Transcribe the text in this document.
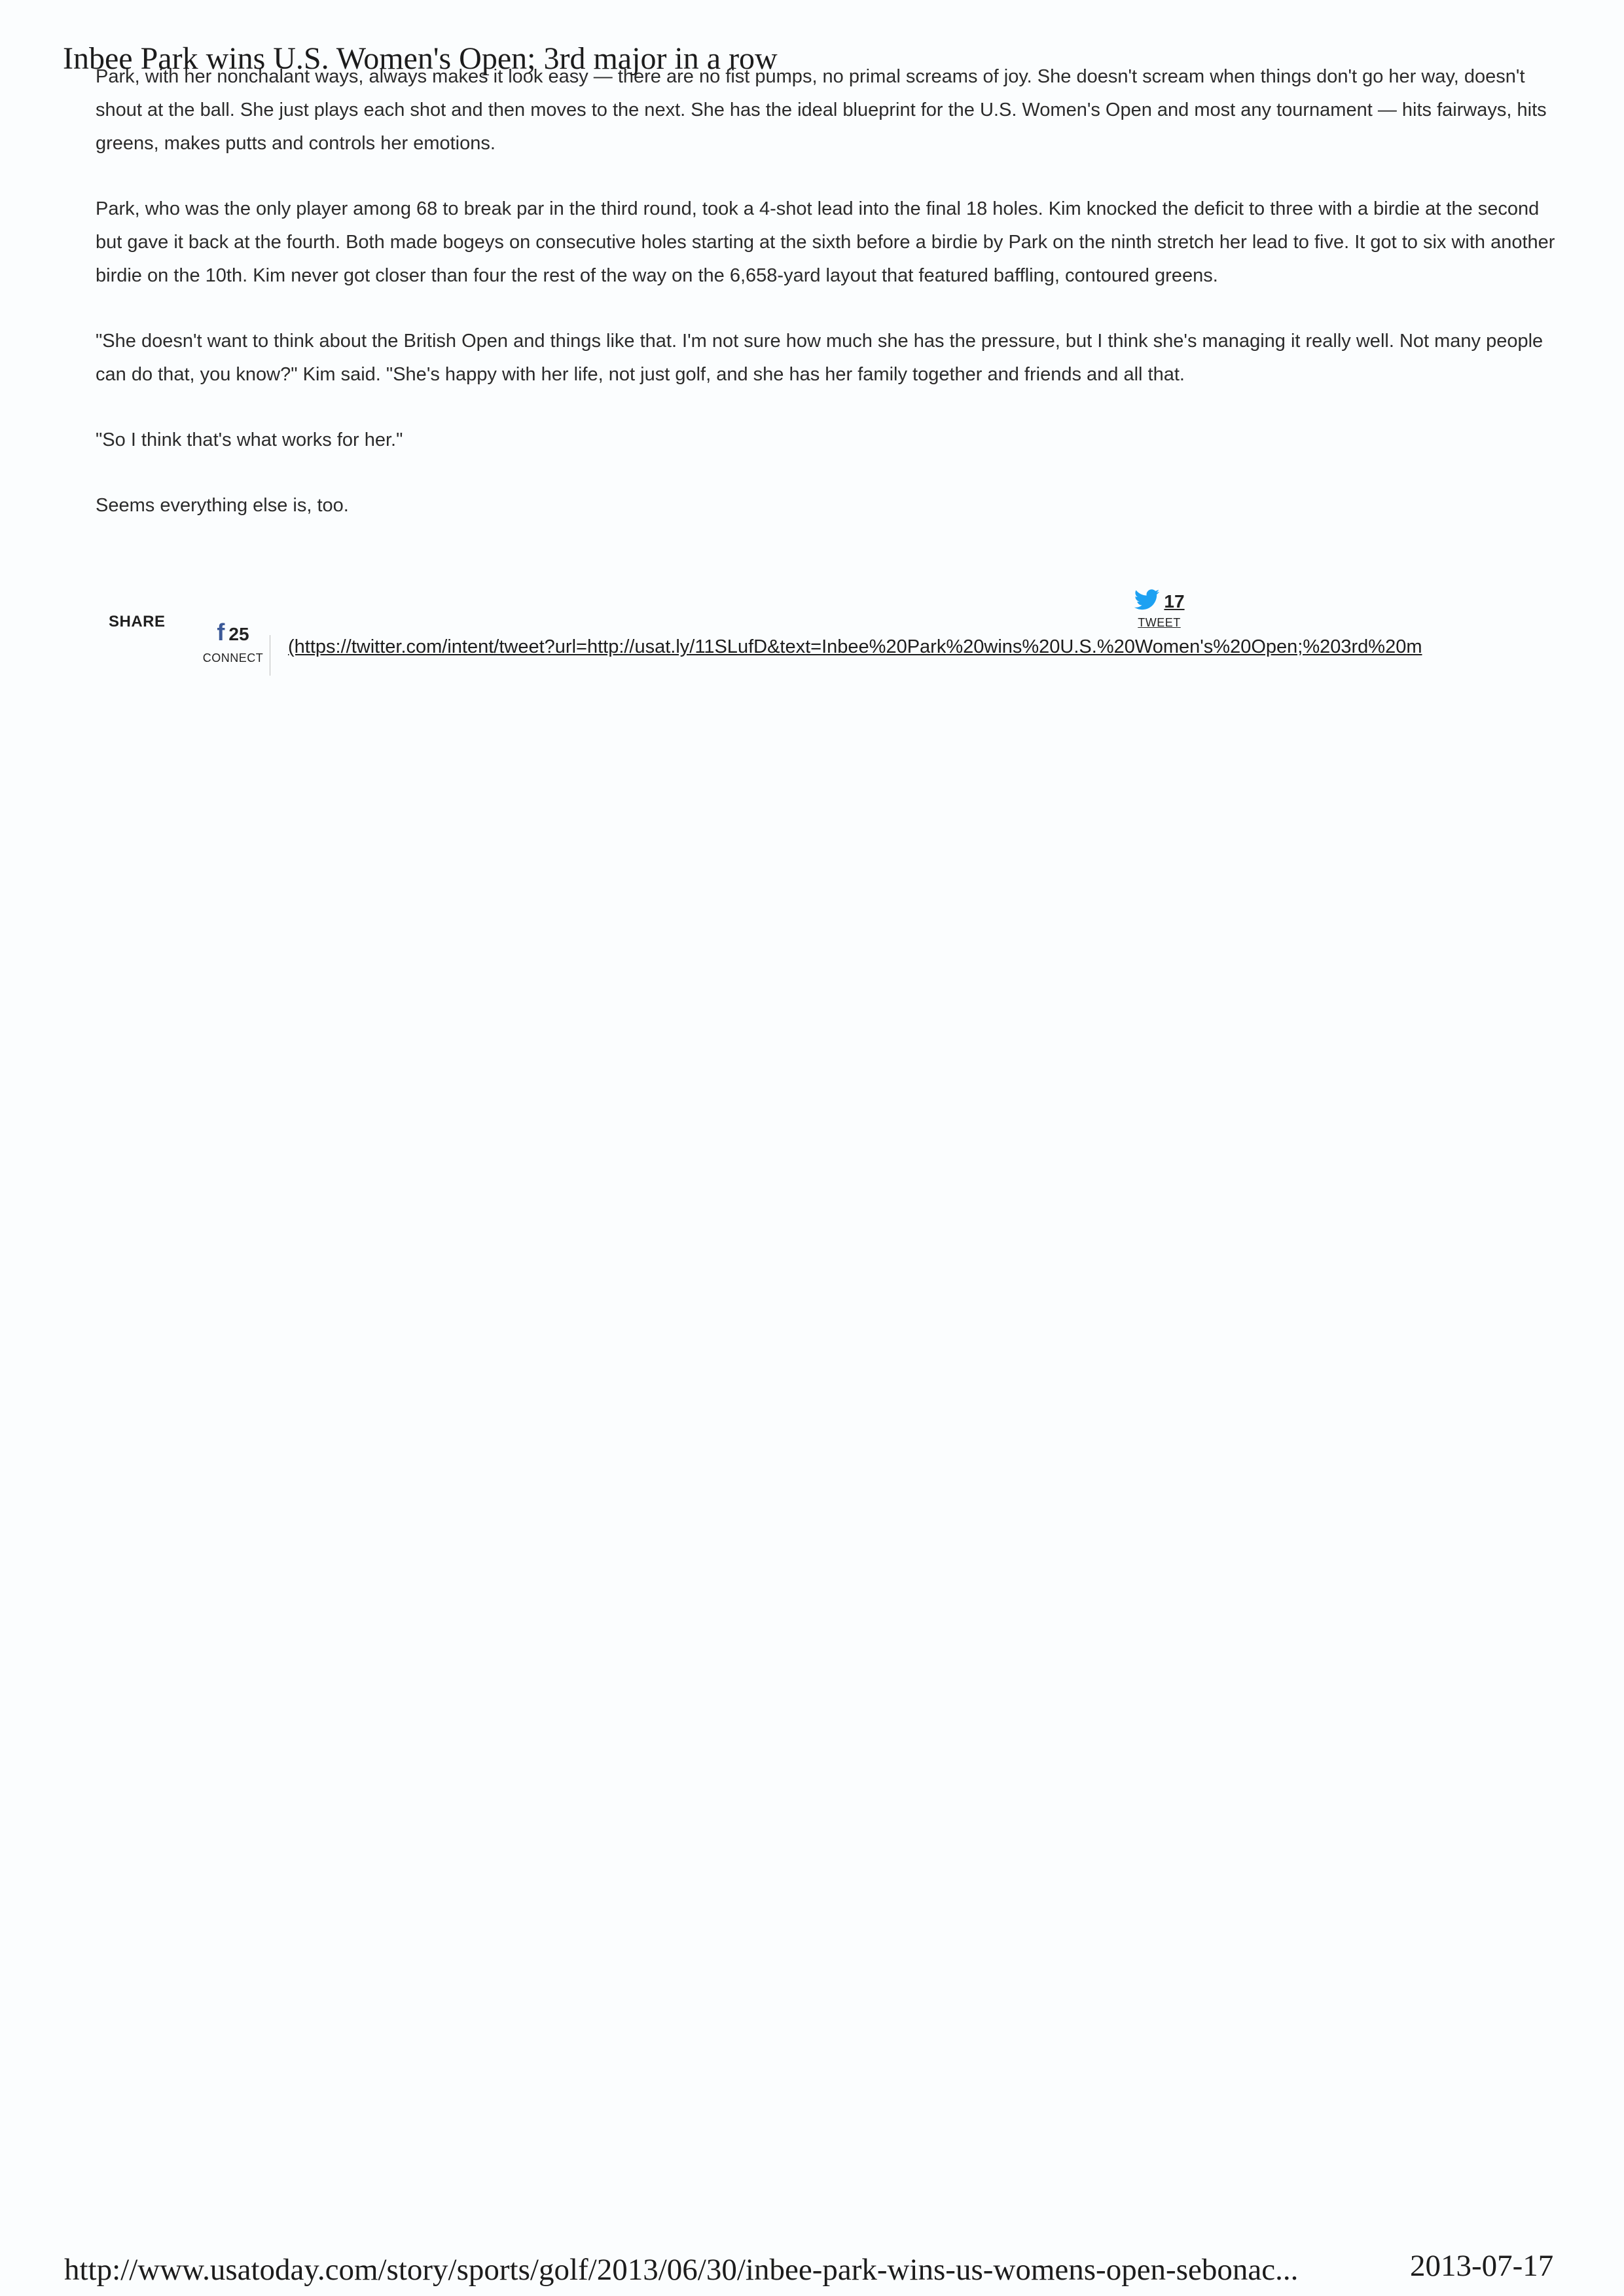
Inbee Park wins U.S. Women's Open; 3rd major in a row

Park, with her nonchalant ways, always makes it look easy — there are no fist pumps, no primal screams of joy. She doesn't scream when things don't go her way, doesn't shout at the ball. She just plays each shot and then moves to the next. She has the ideal blueprint for the U.S. Women's Open and most any tournament — hits fairways, hits greens, makes putts and controls her emotions.

Park, who was the only player among 68 to break par in the third round, took a 4-shot lead into the final 18 holes. Kim knocked the deficit to three with a birdie at the second but gave it back at the fourth. Both made bogeys on consecutive holes starting at the sixth before a birdie by Park on the ninth stretch her lead to five. It got to six with another birdie on the 10th. Kim never got closer than four the rest of the way on the 6,658-yard layout that featured baffling, contoured greens.

"She doesn't want to think about the British Open and things like that. I'm not sure how much she has the pressure, but I think she's managing it really well. Not many people can do that, you know?" Kim said. "She's happy with her life, not just golf, and she has her family together and friends and all that.

"So I think that's what works for her."

Seems everything else is, too.

SHARE f 25
CONNECT
17
TWEET
(https://twitter.com/intent/tweet?url=http://usat.ly/11SLufD&text=Inbee%20Park%20wins%20U.S.%20Women's%20Open;%203rd%20m
http://www.usatoday.com/story/sports/golf/2013/06/30/inbee-park-wins-us-womens-open-sebonac...	2013-07-17
